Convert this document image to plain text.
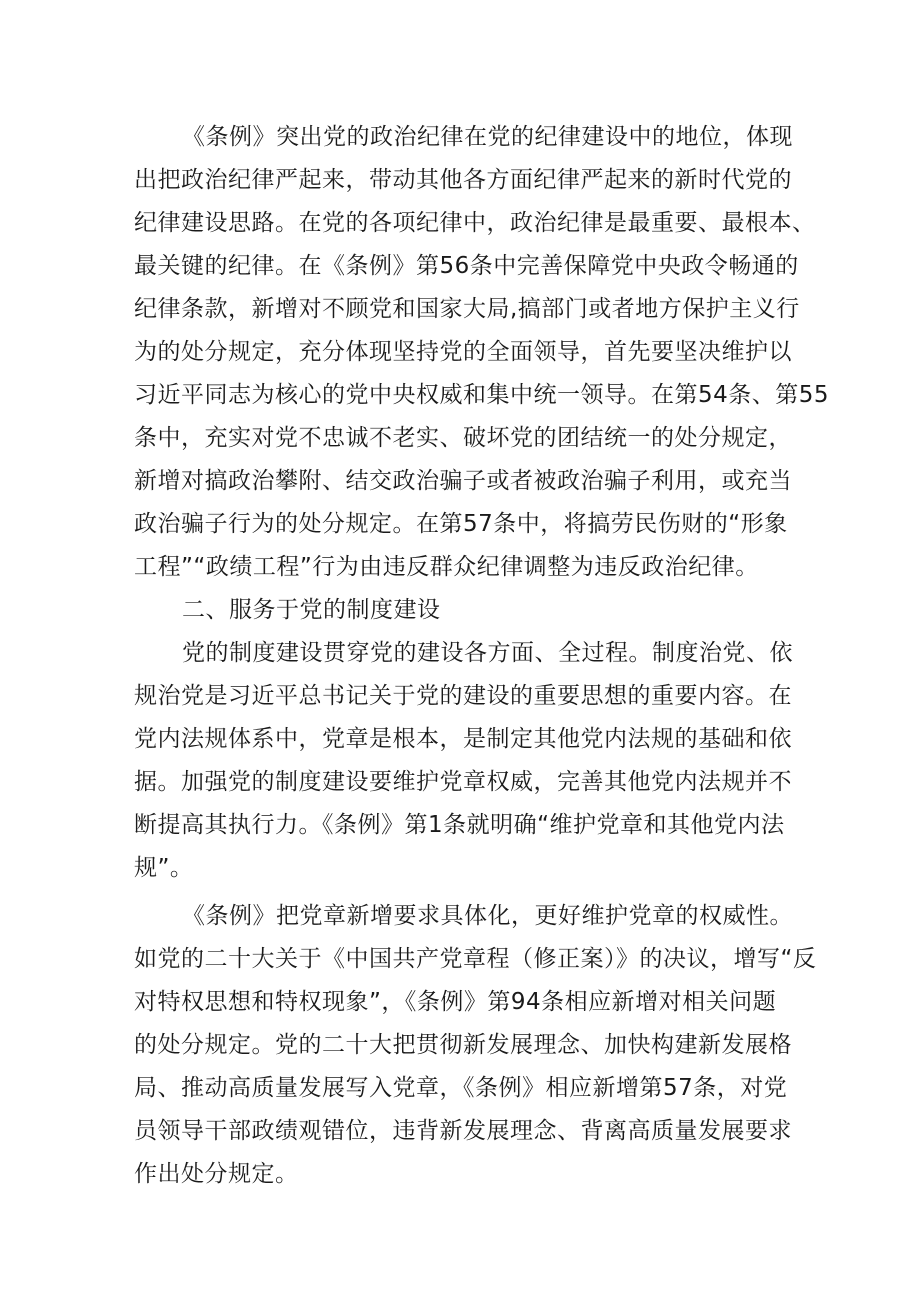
《条例》突出党的政治纪律在党的纪律建设中的地位，体现
出把政治纪律严起来，带动其他各方面纪律严起来的新时代党的
纪律建设思路。在党的各项纪律中，政治纪律是最重要、最根本、
最关键的纪律。在《条例》第56条中完善保障党中央政令畅通的
纪律条款，新增对不顾党和国家大局,搞部门或者地方保护主义行
为的处分规定，充分体现坚持党的全面领导，首先要坚决维护以
习近平同志为核心的党中央权威和集中统一领导。在第54条、第55
条中，充实对党不忠诚不老实、破坏党的团结统一的处分规定，
新增对搞政治攀附、结交政治骗子或者被政治骗子利用，或充当
政治骗子行为的处分规定。在第57条中，将搞劳民伤财的“形象
工程”“政绩工程”行为由违反群众纪律调整为违反政治纪律。
二、服务于党的制度建设
党的制度建设贯穿党的建设各方面、全过程。制度治党、依
规治党是习近平总书记关于党的建设的重要思想的重要内容。在
党内法规体系中，党章是根本，是制定其他党内法规的基础和依
据。加强党的制度建设要维护党章权威，完善其他党内法规并不
断提高其执行力。《条例》第1条就明确“维护党章和其他党内法
规”。
《条例》把党章新增要求具体化，更好维护党章的权威性。
如党的二十大关于《中国共产党章程（修正案）》的决议，增写“反
对特权思想和特权现象”，《条例》第94条相应新增对相关问题
的处分规定。党的二十大把贯彻新发展理念、加快构建新发展格
局、推动高质量发展写入党章，《条例》相应新增第57条，对党
员领导干部政绩观错位，违背新发展理念、背离高质量发展要求
作出处分规定。
